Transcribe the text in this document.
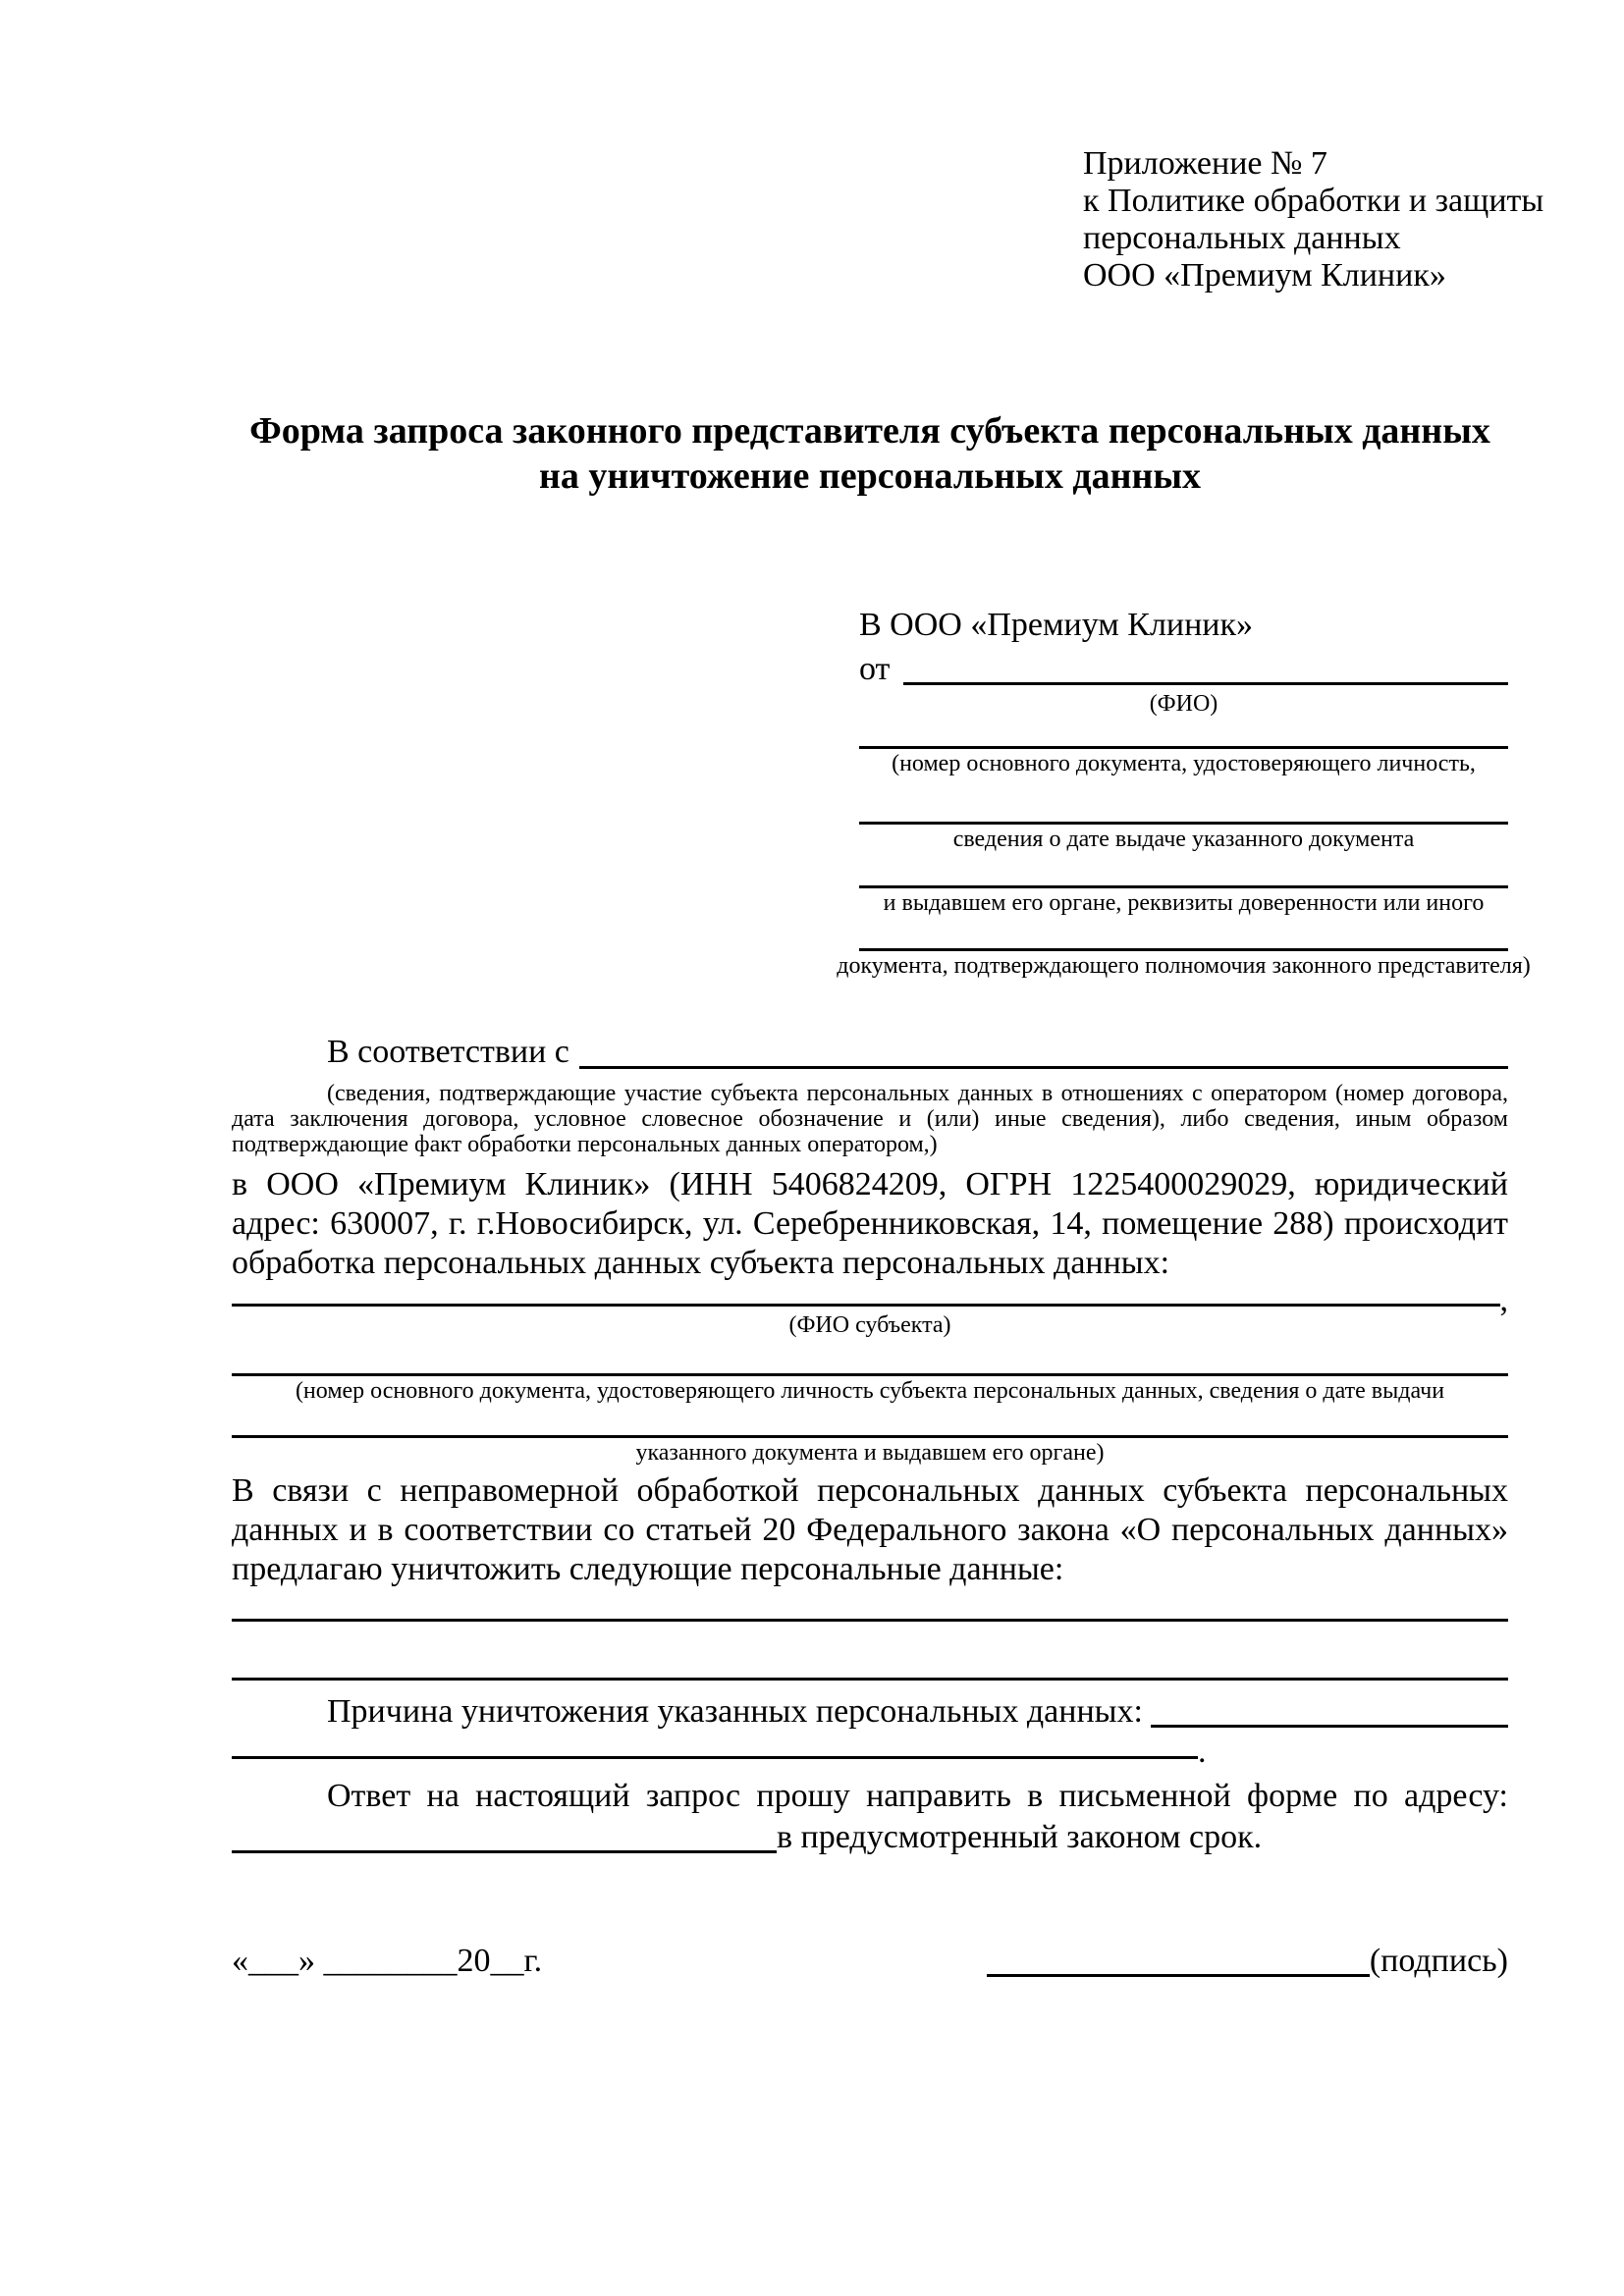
Приложение № 7
к Политике обработки и защиты
персональных данных
ООО «Премиум Клиник»
Форма запроса законного представителя субъекта персональных данных
на уничтожение персональных данных
В ООО «Премиум Клиник»
от
(ФИО)
(номер основного документа, удостоверяющего личность,
сведения о дате выдаче указанного документа
и выдавшем его органе, реквизиты доверенности или иного
документа, подтверждающего полномочия законного представителя)
В соответствии с
(сведения, подтверждающие участие субъекта персональных данных в отношениях с оператором (номер договора, дата заключения договора, условное словесное обозначение и (или) иные сведения), либо сведения, иным образом подтверждающие факт обработки персональных данных оператором,)
в ООО «Премиум Клиник» (ИНН 5406824209, ОГРН 1225400029029, юридический адрес: 630007, г. г.Новосибирск, ул. Серебренниковская, 14, помещение 288) происходит обработка персональных данных субъекта персональных данных:
,
(ФИО субъекта)
(номер основного документа, удостоверяющего личность субъекта персональных данных, сведения о дате выдачи
указанного документа и выдавшем его органе)
В связи с неправомерной обработкой персональных данных субъекта персональных данных и в соответствии со статьей 20 Федерального закона «О персональных данных» предлагаю уничтожить следующие персональные данные:
Причина уничтожения указанных персональных данных:
.
Ответ на настоящий запрос прошу направить в письменной форме по адресу:
в предусмотренный законом срок.
«___» ________20__г.	(подпись)
